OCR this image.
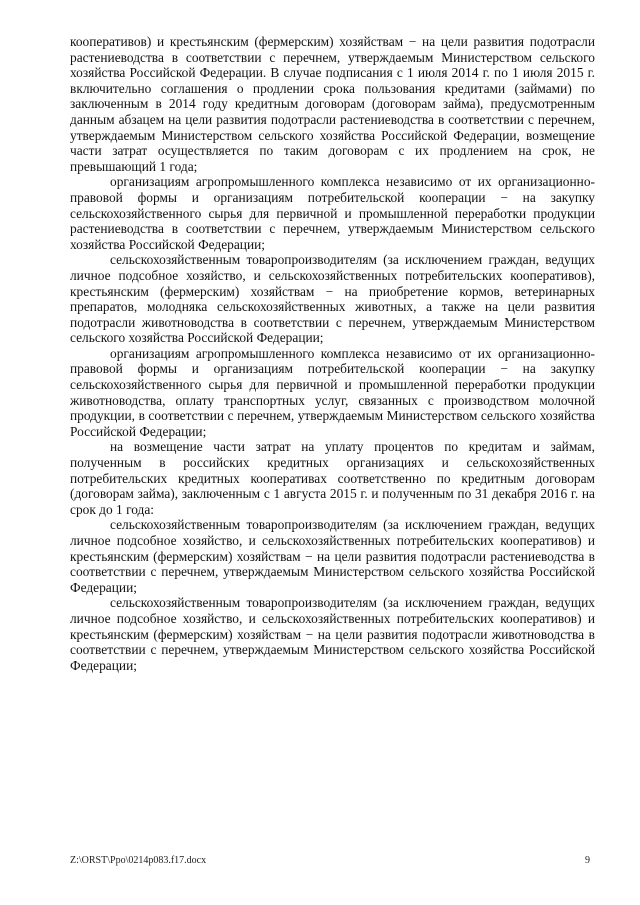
кооперативов) и крестьянским (фермерским) хозяйствам − на цели развития подотрасли растениеводства в соответствии с перечнем, утверждаемым Министерством сельского хозяйства Российской Федерации. В случае подписания с 1 июля 2014 г. по 1 июля 2015 г. включительно соглашения о продлении срока пользования кредитами (займами) по заключенным в 2014 году кредитным договорам (договорам займа), предусмотренным данным абзацем на цели развития подотрасли растениеводства в соответствии с перечнем, утверждаемым Министерством сельского хозяйства Российской Федерации, возмещение части затрат осуществляется по таким договорам с их продлением на срок, не превышающий 1 года;

организациям агропромышленного комплекса независимо от их организационно-правовой формы и организациям потребительской кооперации − на закупку сельскохозяйственного сырья для первичной и промышленной переработки продукции растениеводства в соответствии с перечнем, утверждаемым Министерством сельского хозяйства Российской Федерации;

сельскохозяйственным товаропроизводителям (за исключением граждан, ведущих личное подсобное хозяйство, и сельскохозяйственных потребительских кооперативов), крестьянским (фермерским) хозяйствам − на приобретение кормов, ветеринарных препаратов, молодняка сельскохозяйственных животных, а также на цели развития подотрасли животноводства в соответствии с перечнем, утверждаемым Министерством сельского хозяйства Российской Федерации;

организациям агропромышленного комплекса независимо от их организационно-правовой формы и организациям потребительской кооперации − на закупку сельскохозяйственного сырья для первичной и промышленной переработки продукции животноводства, оплату транспортных услуг, связанных с производством молочной продукции, в соответствии с перечнем, утверждаемым Министерством сельского хозяйства Российской Федерации;

на возмещение части затрат на уплату процентов по кредитам и займам, полученным в российских кредитных организациях и сельскохозяйственных потребительских кредитных кооперативах соответственно по кредитным договорам (договорам займа), заключенным с 1 августа 2015 г. и полученным по 31 декабря 2016 г. на срок до 1 года:

сельскохозяйственным товаропроизводителям (за исключением граждан, ведущих личное подсобное хозяйство, и сельскохозяйственных потребительских кооперативов) и крестьянским (фермерским) хозяйствам − на цели развития подотрасли растениеводства в соответствии с перечнем, утверждаемым Министерством сельского хозяйства Российской Федерации;

сельскохозяйственным товаропроизводителям (за исключением граждан, ведущих личное подсобное хозяйство, и сельскохозяйственных потребительских кооперативов) и крестьянским (фермерским) хозяйствам − на цели развития подотрасли животноводства в соответствии с перечнем, утверждаемым Министерством сельского хозяйства Российской Федерации;

Z:\ORST\Ppo\0214p083.f17.docx	9
